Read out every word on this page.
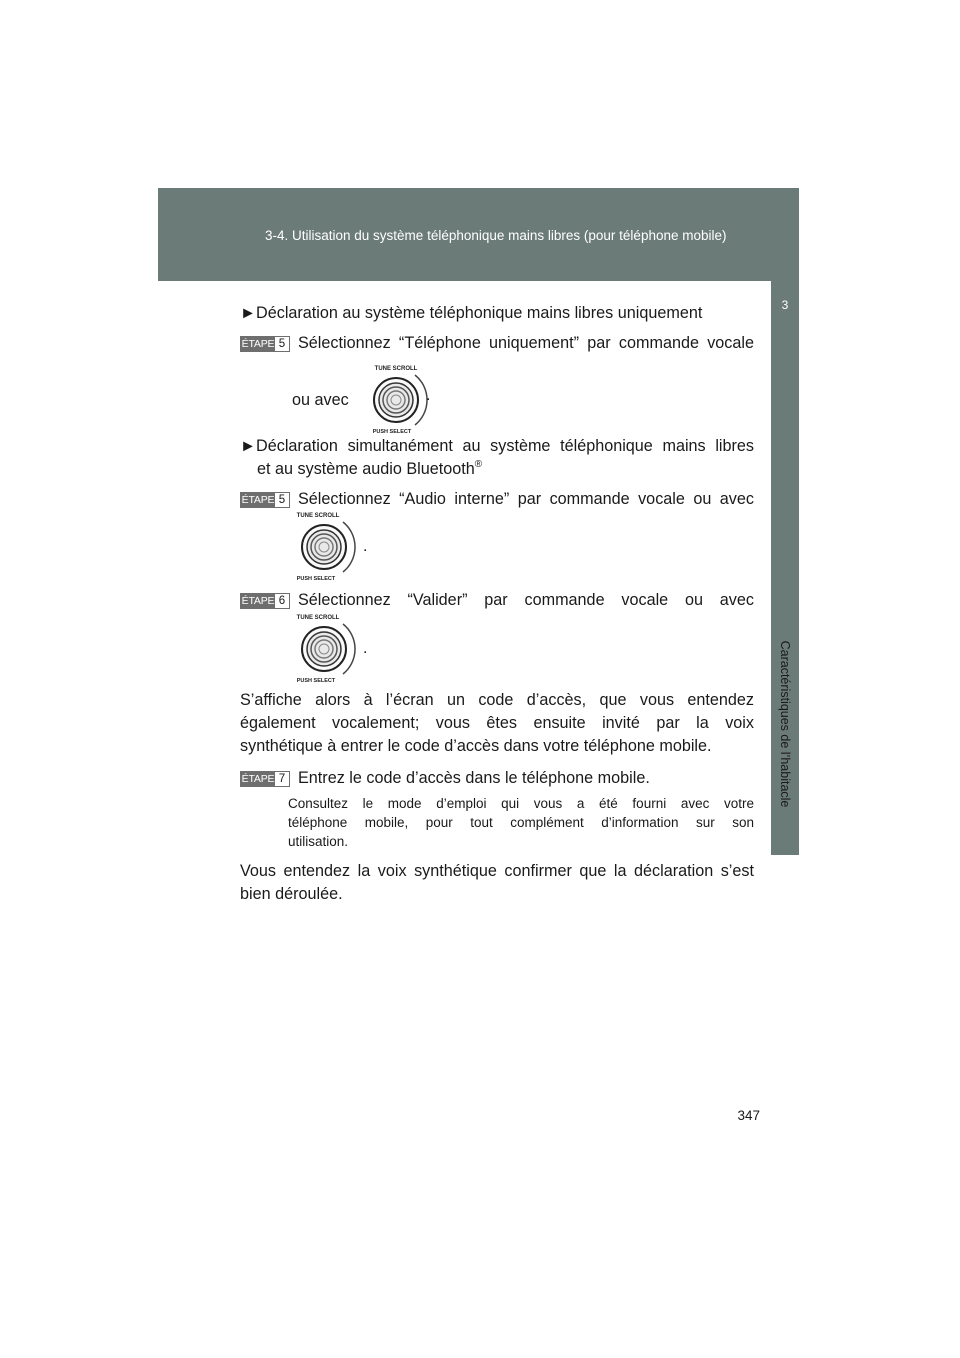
3-4. Utilisation du système téléphonique mains libres (pour téléphone mobile)
3
Caractéristiques de l’habitacle
347
►Déclaration au système téléphonique mains libres uniquement
ÉTAPE 5 Sélectionnez “Téléphone uniquement” par commande vocale
ou avec
TUNE SCROLL
PUSH SELECT
.
►Déclaration simultanément au système téléphonique mains libres
et au système audio Bluetooth®
ÉTAPE 5 Sélectionnez “Audio interne” par commande vocale ou avec
TUNE SCROLL
PUSH SELECT
.
ÉTAPE 6 Sélectionnez “Valider” par commande vocale ou avec
TUNE SCROLL
PUSH SELECT
.
S’affiche alors à l’écran un code d’accès, que vous entendez
également vocalement; vous êtes ensuite invité par la voix
synthétique à entrer le code d’accès dans votre téléphone mobile.
ÉTAPE 7 Entrez le code d’accès dans le téléphone mobile.
Consultez le mode d’emploi qui vous a été fourni avec votre
téléphone mobile, pour tout complément d’information sur son
utilisation.
Vous entendez la voix synthétique confirmer que la déclaration s’est
bien déroulée.
